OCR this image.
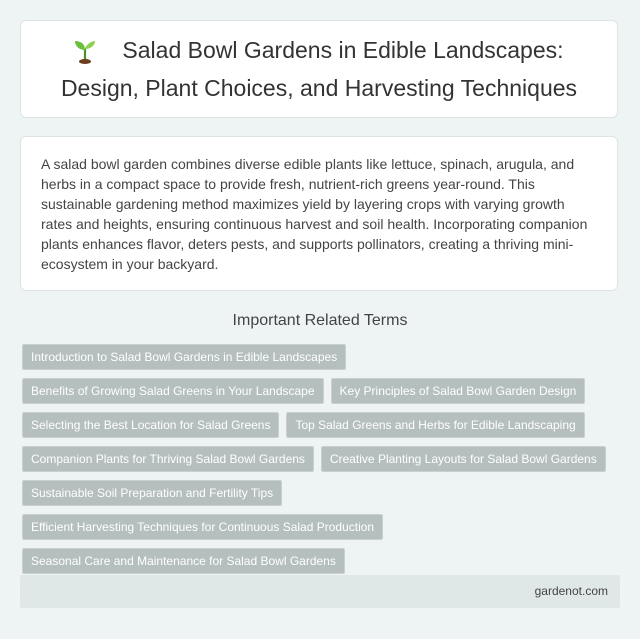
Salad Bowl Gardens in Edible Landscapes:
Design, Plant Choices, and Harvesting Techniques

A salad bowl garden combines diverse edible plants like lettuce, spinach, arugula, and herbs in a compact space to provide fresh, nutrient-rich greens year-round. This sustainable gardening method maximizes yield by layering crops with varying growth rates and heights, ensuring continuous harvest and soil health. Incorporating companion plants enhances flavor, deters pests, and supports pollinators, creating a thriving mini-ecosystem in your backyard.

Important Related Terms
Introduction to Salad Bowl Gardens in Edible Landscapes
Benefits of Growing Salad Greens in Your Landscape	Key Principles of Salad Bowl Garden Design
Selecting the Best Location for Salad Greens	Top Salad Greens and Herbs for Edible Landscaping
Companion Plants for Thriving Salad Bowl Gardens	Creative Planting Layouts for Salad Bowl Gardens
Sustainable Soil Preparation and Fertility Tips
Efficient Harvesting Techniques for Continuous Salad Production
Seasonal Care and Maintenance for Salad Bowl Gardens
gardenot.com
